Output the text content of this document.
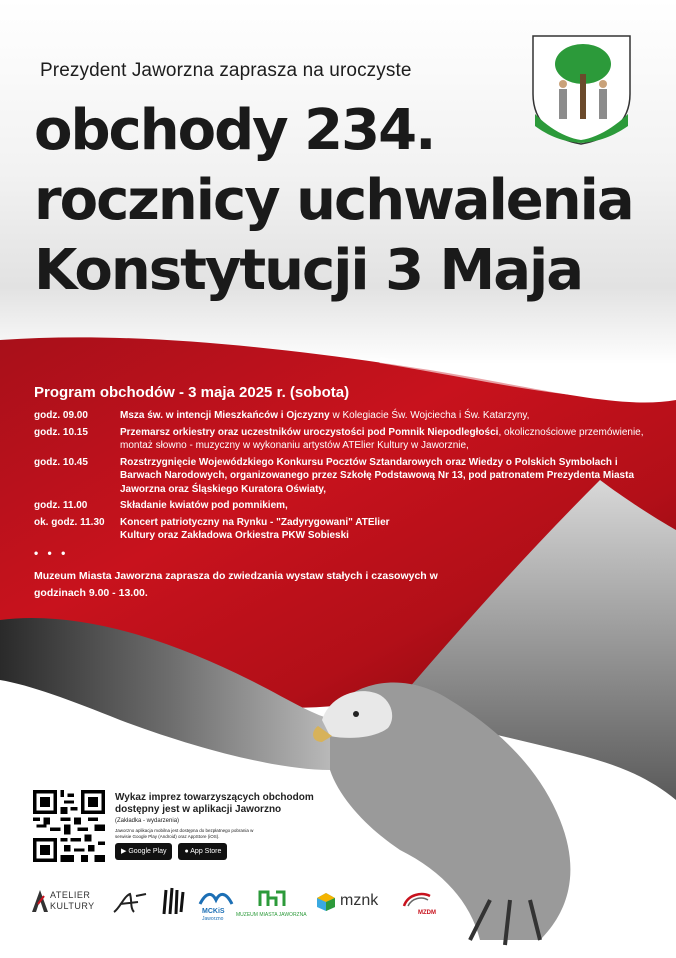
Prezydent Jaworzna zaprasza na uroczyste
obchody 234.
rocznicy uchwalenia
Konstytucji 3 Maja
Program obchodów - 3 maja 2025 r. (sobota)
godz. 09.00	Msza św. w intencji Mieszkańców i Ojczyzny w Kolegiacie Św. Wojciecha i Św. Katarzyny,
godz. 10.15	Przemarsz orkiestry oraz uczestników uroczystości pod Pomnik Niepodległości, okolicznościowe przemówienie, montaż słowno - muzyczny w wykonaniu artystów ATElier Kultury w Jaworznie,
godz. 10.45	Rozstrzygnięcie Wojewódzkiego Konkursu Pocztów Sztandarowych oraz Wiedzy o Polskich Symbolach i Barwach Narodowych, organizowanego przez Szkołę Podstawową Nr 13, pod patronatem Prezydenta Miasta Jaworzna oraz Śląskiego Kuratora Oświaty,
godz. 11.00	Składanie kwiatów pod pomnikiem,
ok. godz. 11.30	Koncert patriotyczny na Rynku - "Zadyrygowani" ATElier Kultury oraz Zakładowa Orkiestra PKW Sobieski
• • •
Muzeum Miasta Jaworzna zaprasza do zwiedzania wystaw stałych i czasowych w godzinach 9.00 - 13.00.
Wykaz imprez towarzyszących obchodom dostępny jest w aplikacji Jaworzno
(Zakładka - wydarzenia)
Jaworzno aplikacja mobilna jest dostępna do bezpłatnego pobrania w serwisie Google Play (Android) oraz AppStore (iOS).
▶ Google Play	● App Store
ATELIER
KULTURY
MCKiS
Jaworzno
MUZEUM MIASTA JAWORZNA
mznk
MZDM
